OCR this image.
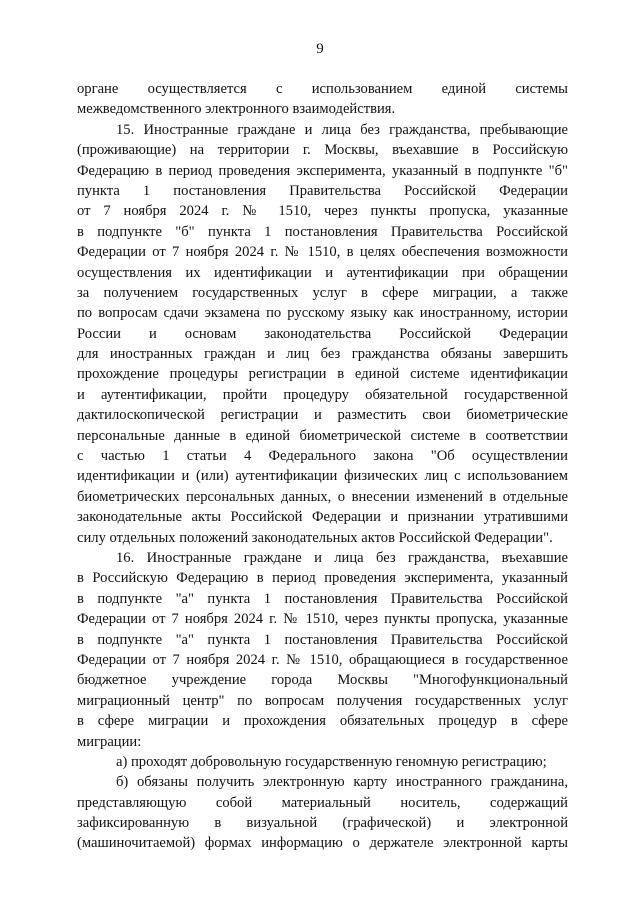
9
органе осуществляется с использованием единой системы
межведомственного электронного взаимодействия.
15. Иностранные граждане и лица без гражданства, пребывающие
(проживающие) на территории г. Москвы, въехавшие в Российскую
Федерацию в период проведения эксперимента, указанный в подпункте "б"
пункта 1 постановления Правительства Российской Федерации
от 7 ноября 2024 г. № 1510, через пункты пропуска, указанные
в подпункте "б" пункта 1 постановления Правительства Российской
Федерации от 7 ноября 2024 г. № 1510, в целях обеспечения возможности
осуществления их идентификации и аутентификации при обращении
за получением государственных услуг в сфере миграции, а также
по вопросам сдачи экзамена по русскому языку как иностранному, истории
России и основам законодательства Российской Федерации
для иностранных граждан и лиц без гражданства обязаны завершить
прохождение процедуры регистрации в единой системе идентификации
и аутентификации, пройти процедуру обязательной государственной
дактилоскопической регистрации и разместить свои биометрические
персональные данные в единой биометрической системе в соответствии
с частью 1 статьи 4 Федерального закона "Об осуществлении
идентификации и (или) аутентификации физических лиц с использованием
биометрических персональных данных, о внесении изменений в отдельные
законодательные акты Российской Федерации и признании утратившими
силу отдельных положений законодательных актов Российской Федерации".
16. Иностранные граждане и лица без гражданства, въехавшие
в Российскую Федерацию в период проведения эксперимента, указанный
в подпункте "а" пункта 1 постановления Правительства Российской
Федерации от 7 ноября 2024 г. № 1510, через пункты пропуска, указанные
в подпункте "а" пункта 1 постановления Правительства Российской
Федерации от 7 ноября 2024 г. № 1510, обращающиеся в государственное
бюджетное учреждение города Москвы "Многофункциональный
миграционный центр" по вопросам получения государственных услуг
в сфере миграции и прохождения обязательных процедур в сфере
миграции:
а) проходят добровольную государственную геномную регистрацию;
б) обязаны получить электронную карту иностранного гражданина,
представляющую собой материальный носитель, содержащий
зафиксированную в визуальной (графической) и электронной
(машиночитаемой) формах информацию о держателе электронной карты
